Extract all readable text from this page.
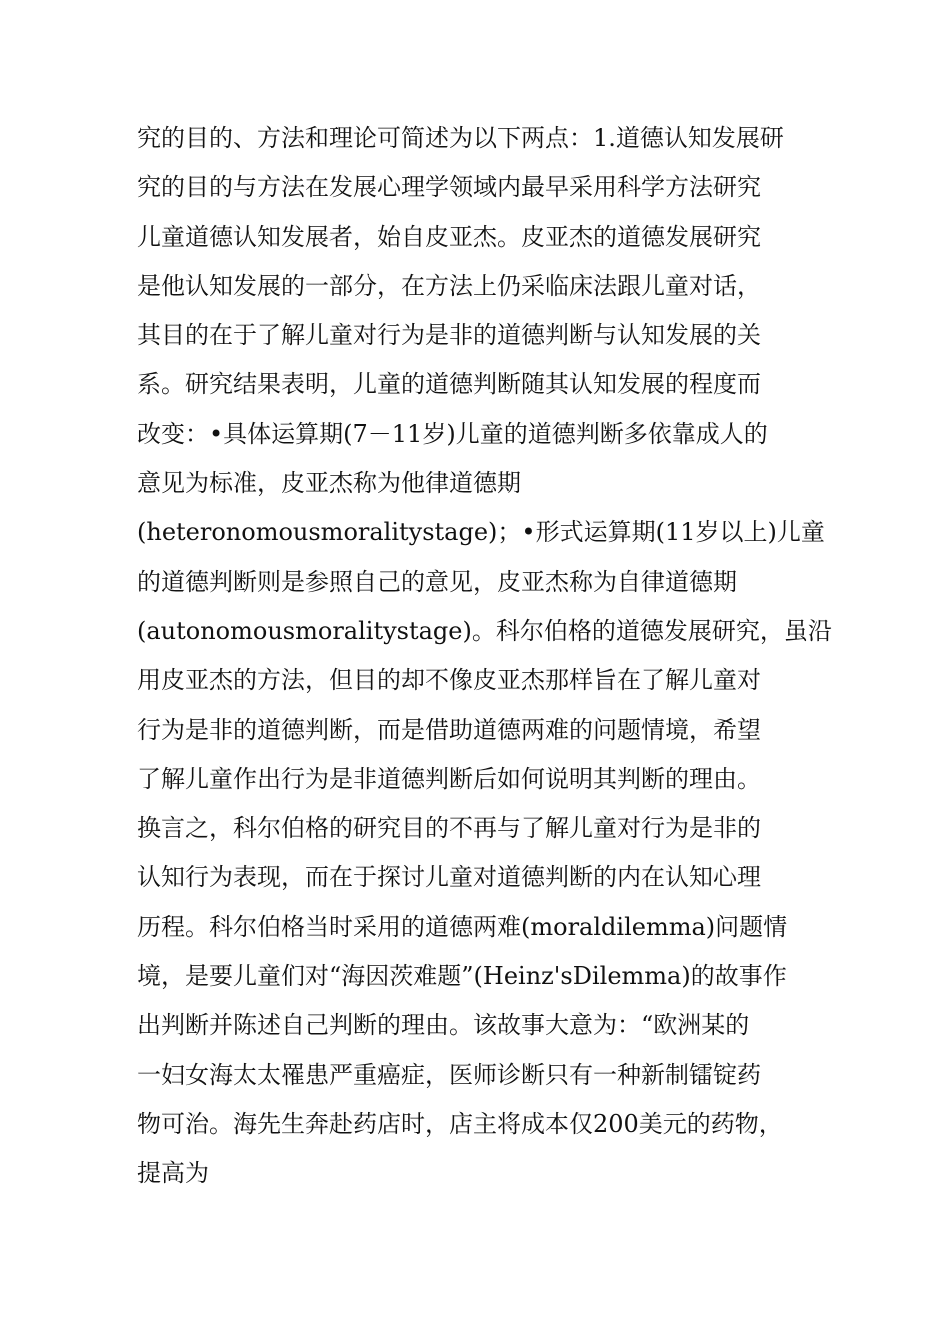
究的目的、方法和理论可简述为以下两点：1.道德认知发展研
究的目的与方法在发展心理学领域内最早采用科学方法研究
儿童道德认知发展者，始自皮亚杰。皮亚杰的道德发展研究
是他认知发展的一部分，在方法上仍采临床法跟儿童对话，
其目的在于了解儿童对行为是非的道德判断与认知发展的关
系。研究结果表明，儿童的道德判断随其认知发展的程度而
改变：•具体运算期(7－11岁)儿童的道德判断多依靠成人的
意见为标准，皮亚杰称为他律道德期
(heteronomousmoralitystage)；•形式运算期(11岁以上)儿童
的道德判断则是参照自己的意见，皮亚杰称为自律道德期
(autonomousmoralitystage)。科尔伯格的道德发展研究，虽沿
用皮亚杰的方法，但目的却不像皮亚杰那样旨在了解儿童对
行为是非的道德判断，而是借助道德两难的问题情境，希望
了解儿童作出行为是非道德判断后如何说明其判断的理由。
换言之，科尔伯格的研究目的不再与了解儿童对行为是非的
认知行为表现，而在于探讨儿童对道德判断的内在认知心理
历程。科尔伯格当时采用的道德两难(moraldilemma)问题情
境，是要儿童们对“海因茨难题”(Heinz'sDilemma)的故事作
出判断并陈述自己判断的理由。该故事大意为：“欧洲某的
一妇女海太太罹患严重癌症，医师诊断只有一种新制镭锭药
物可治。海先生奔赴药店时，店主将成本仅200美元的药物，
提高为
